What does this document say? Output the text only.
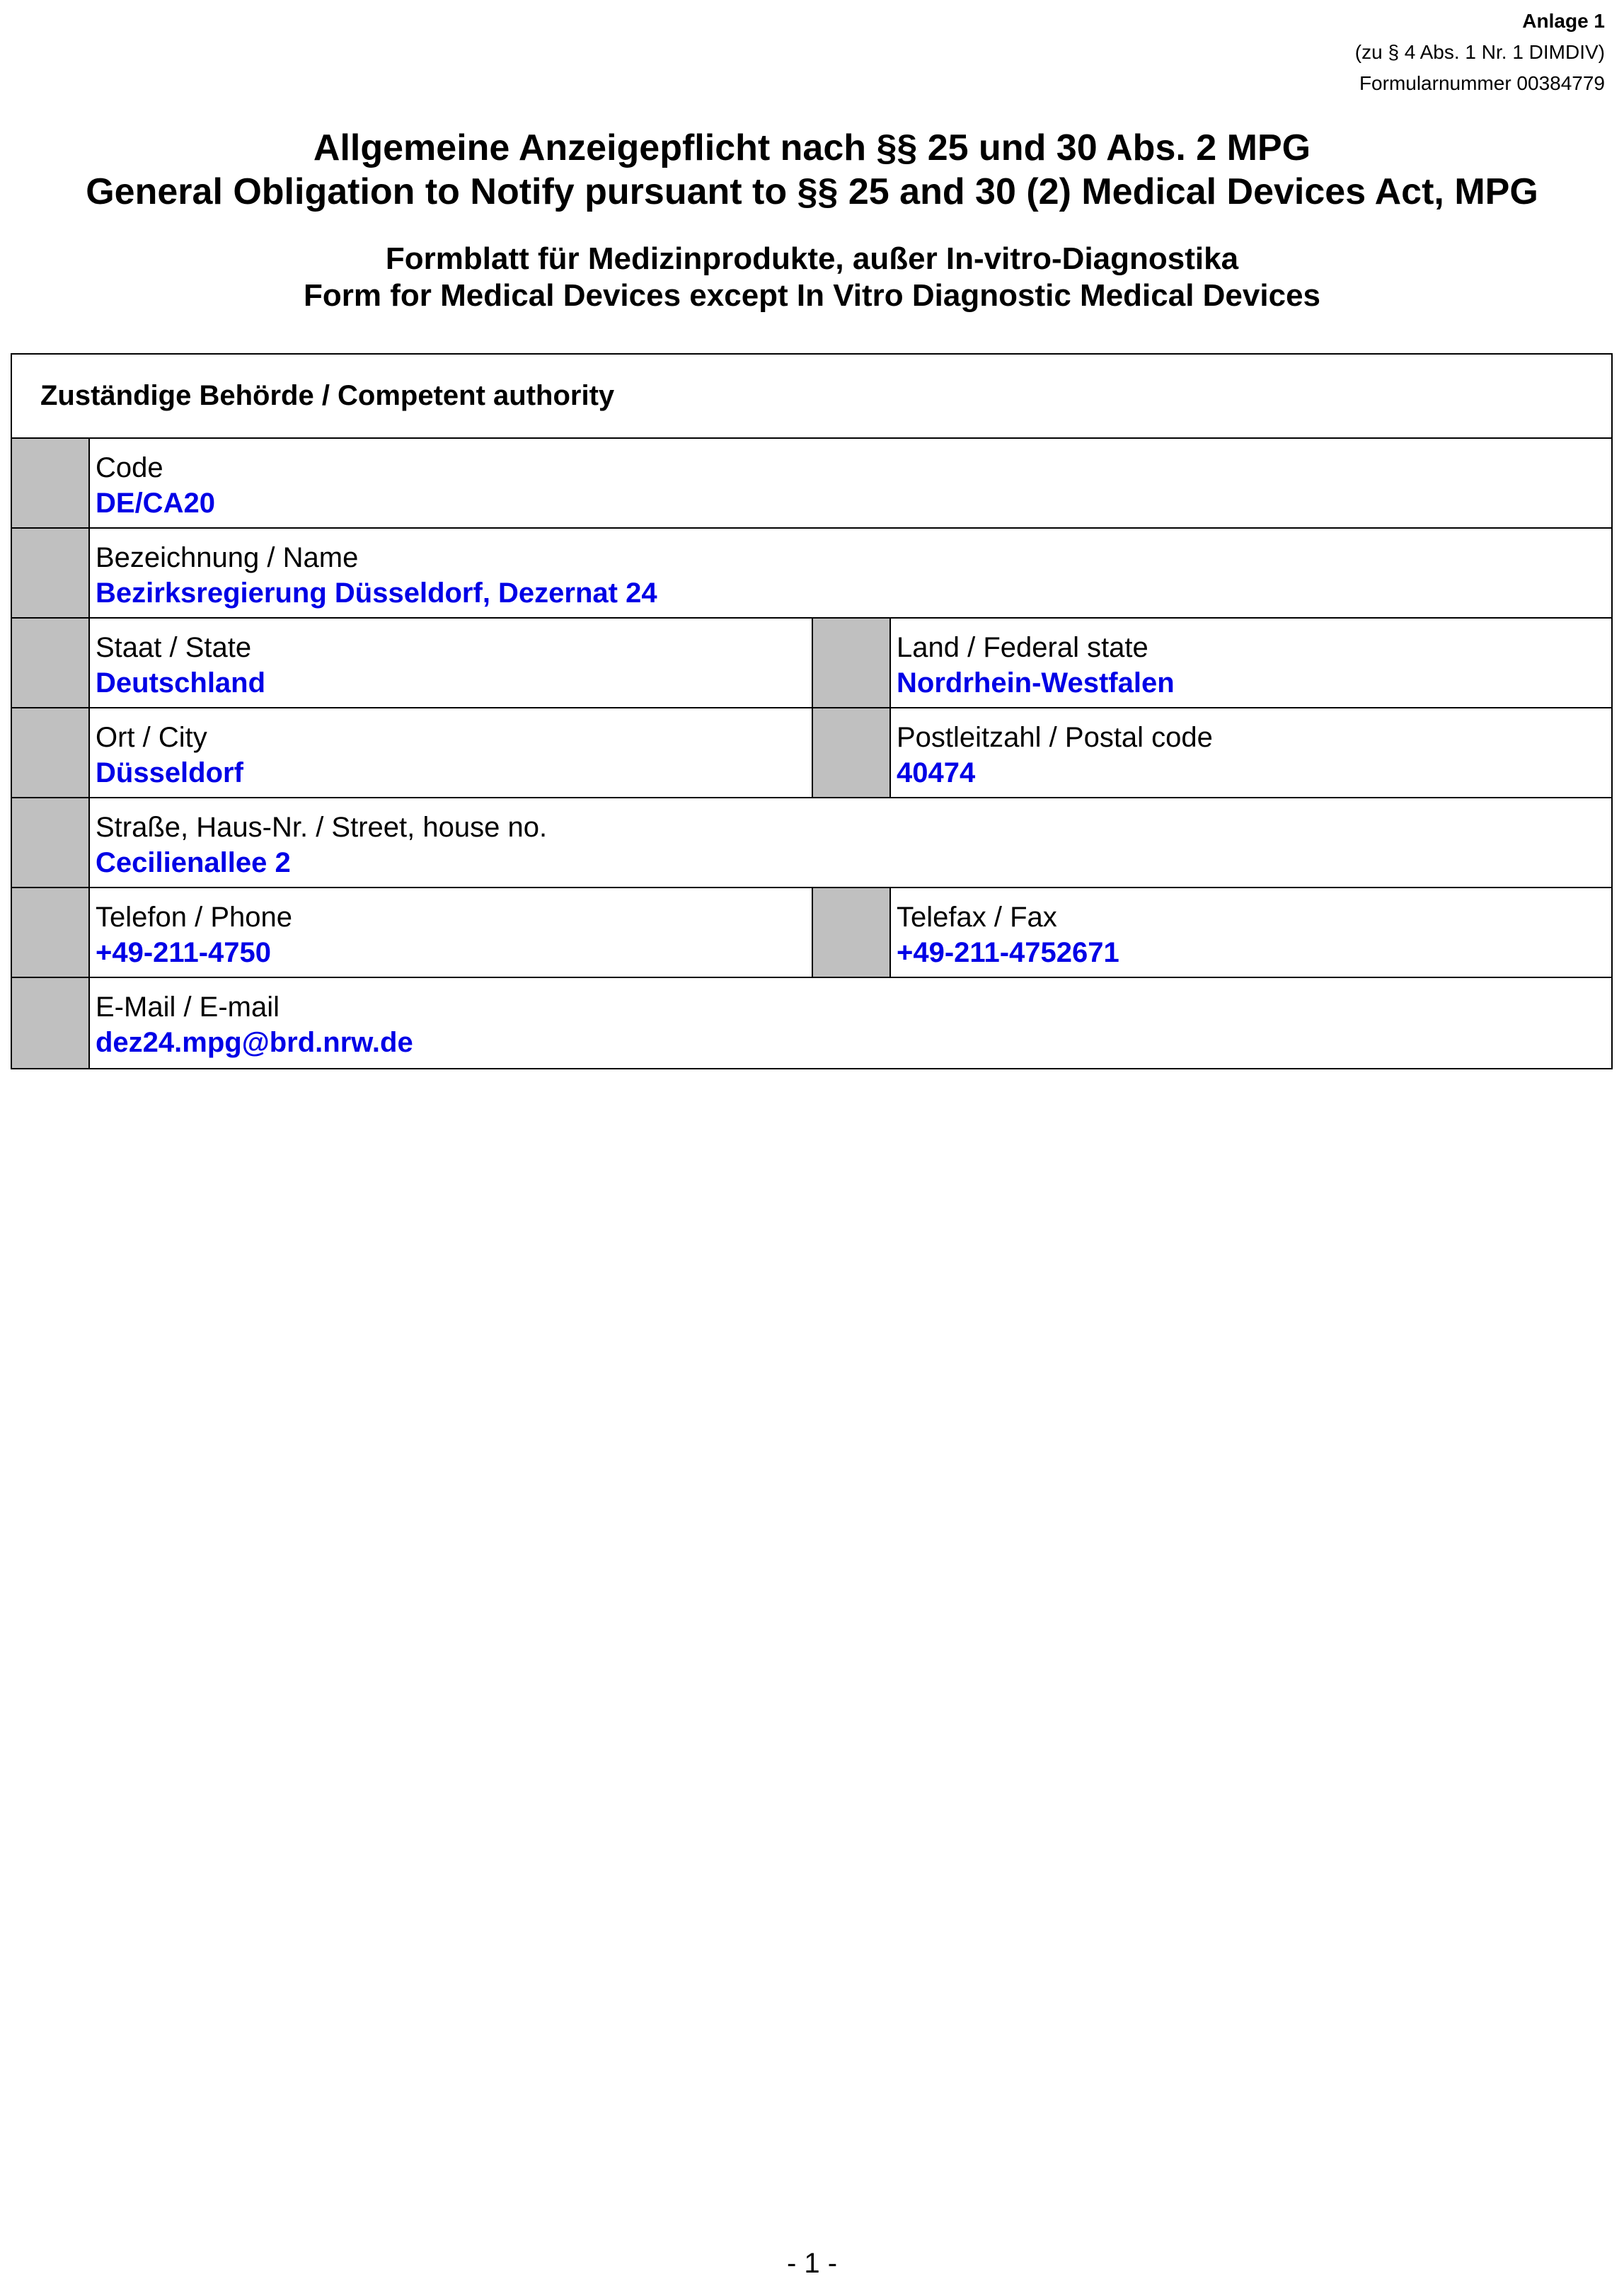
Anlage 1
(zu § 4 Abs. 1 Nr. 1 DIMDIV)
Formularnummer 00384779
Allgemeine Anzeigepflicht nach §§ 25 und 30 Abs. 2 MPG
General Obligation to Notify pursuant to §§ 25 and 30 (2) Medical Devices Act, MPG
Formblatt für Medizinprodukte, außer In-vitro-Diagnostika
Form for Medical Devices except In Vitro Diagnostic Medical Devices
Zuständige Behörde / Competent authority
Code
DE/CA20
Bezeichnung / Name
Bezirksregierung Düsseldorf, Dezernat 24
Staat / State
Deutschland
Land / Federal state
Nordrhein-Westfalen
Ort / City
Düsseldorf
Postleitzahl / Postal code
40474
Straße, Haus-Nr. / Street, house no.
Cecilienallee 2
Telefon / Phone
+49-211-4750
Telefax / Fax
+49-211-4752671
E-Mail / E-mail
dez24.mpg@brd.nrw.de
- 1 -
